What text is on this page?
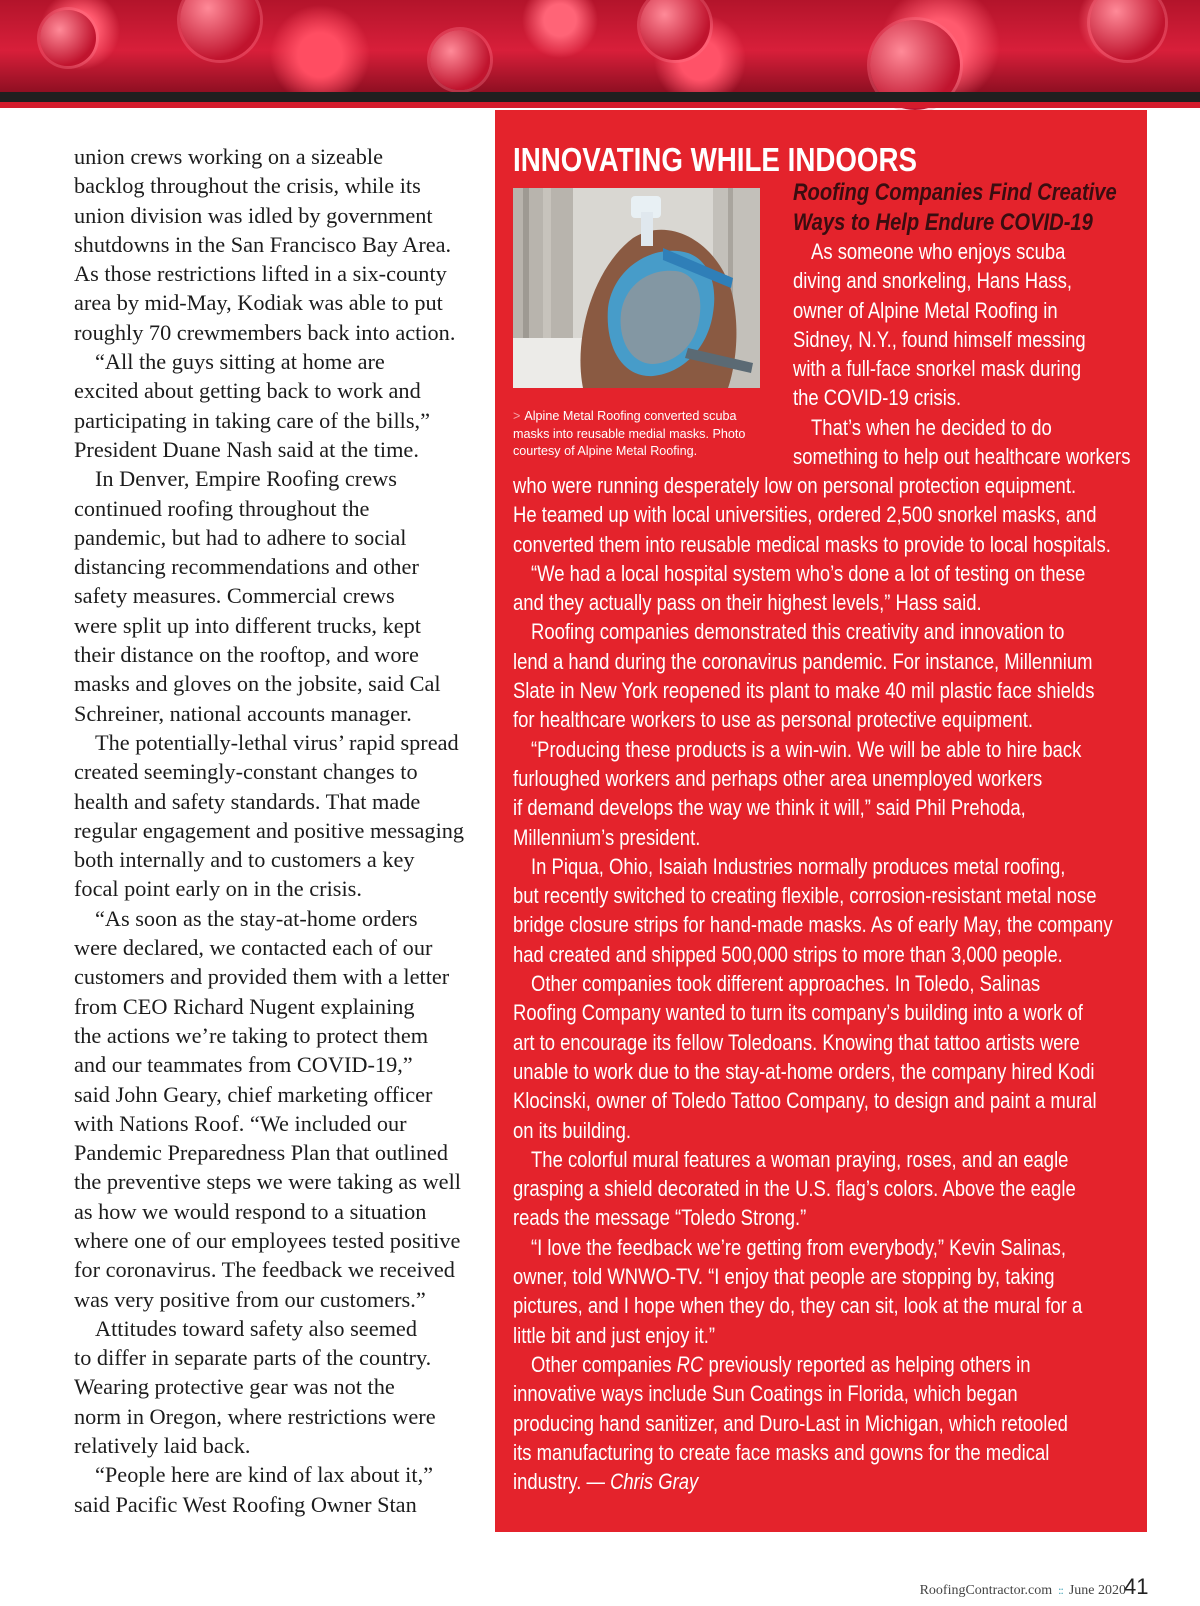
union crews working on a sizeable
backlog throughout the crisis, while its
union division was idled by government
shutdowns in the San Francisco Bay Area.
As those restrictions lifted in a six-county
area by mid-May, Kodiak was able to put
roughly 70 crewmembers back into action.
“All the guys sitting at home are
excited about getting back to work and
participating in taking care of the bills,”
President Duane Nash said at the time.
In Denver, Empire Roofing crews
continued roofing throughout the
pandemic, but had to adhere to social
distancing recommendations and other
safety measures. Commercial crews
were split up into different trucks, kept
their distance on the rooftop, and wore
masks and gloves on the jobsite, said Cal
Schreiner, national accounts manager.
The potentially-lethal virus’ rapid spread
created seemingly-constant changes to
health and safety standards. That made
regular engagement and positive messaging
both internally and to customers a key
focal point early on in the crisis.
“As soon as the stay-at-home orders
were declared, we contacted each of our
customers and provided them with a letter
from CEO Richard Nugent explaining
the actions we’re taking to protect them
and our teammates from COVID-19,”
said John Geary, chief marketing officer
with Nations Roof. “We included our
Pandemic Preparedness Plan that outlined
the preventive steps we were taking as well
as how we would respond to a situation
where one of our employees tested positive
for coronavirus. The feedback we received
was very positive from our customers.”
Attitudes toward safety also seemed
to differ in separate parts of the country.
Wearing protective gear was not the
norm in Oregon, where restrictions were
relatively laid back.
“People here are kind of lax about it,”
said Pacific West Roofing Owner Stan
INNOVATING WHILE INDOORS
> Alpine Metal Roofing converted scuba masks into reusable medial masks. Photo courtesy of Alpine Metal Roofing.
Roofing Companies Find Creative
Ways to Help Endure COVID-19
As someone who enjoys scuba
diving and snorkeling, Hans Hass,
owner of Alpine Metal Roofing in
Sidney, N.Y., found himself messing
with a full-face snorkel mask during
the COVID-19 crisis.
That’s when he decided to do
something to help out healthcare workers
who were running desperately low on personal protection equipment.
He teamed up with local universities, ordered 2,500 snorkel masks, and
converted them into reusable medical masks to provide to local hospitals.
“We had a local hospital system who’s done a lot of testing on these
and they actually pass on their highest levels,” Hass said.
Roofing companies demonstrated this creativity and innovation to
lend a hand during the coronavirus pandemic. For instance, Millennium
Slate in New York reopened its plant to make 40 mil plastic face shields
for healthcare workers to use as personal protective equipment.
“Producing these products is a win-win. We will be able to hire back
furloughed workers and perhaps other area unemployed workers
if demand develops the way we think it will,” said Phil Prehoda,
Millennium’s president.
In Piqua, Ohio, Isaiah Industries normally produces metal roofing,
but recently switched to creating flexible, corrosion-resistant metal nose
bridge closure strips for hand-made masks. As of early May, the company
had created and shipped 500,000 strips to more than 3,000 people.
Other companies took different approaches. In Toledo, Salinas
Roofing Company wanted to turn its company’s building into a work of
art to encourage its fellow Toledoans. Knowing that tattoo artists were
unable to work due to the stay-at-home orders, the company hired Kodi
Klocinski, owner of Toledo Tattoo Company, to design and paint a mural
on its building.
The colorful mural features a woman praying, roses, and an eagle
grasping a shield decorated in the U.S. flag’s colors. Above the eagle
reads the message “Toledo Strong.”
“I love the feedback we’re getting from everybody,” Kevin Salinas,
owner, told WNWO-TV. “I enjoy that people are stopping by, taking
pictures, and I hope when they do, they can sit, look at the mural for a
little bit and just enjoy it.”
Other companies RC previously reported as helping others in
innovative ways include Sun Coatings in Florida, which began
producing hand sanitizer, and Duro-Last in Michigan, which retooled
its manufacturing to create face masks and gowns for the medical
industry. — Chris Gray
RoofingContractor.com :: June 2020
41
